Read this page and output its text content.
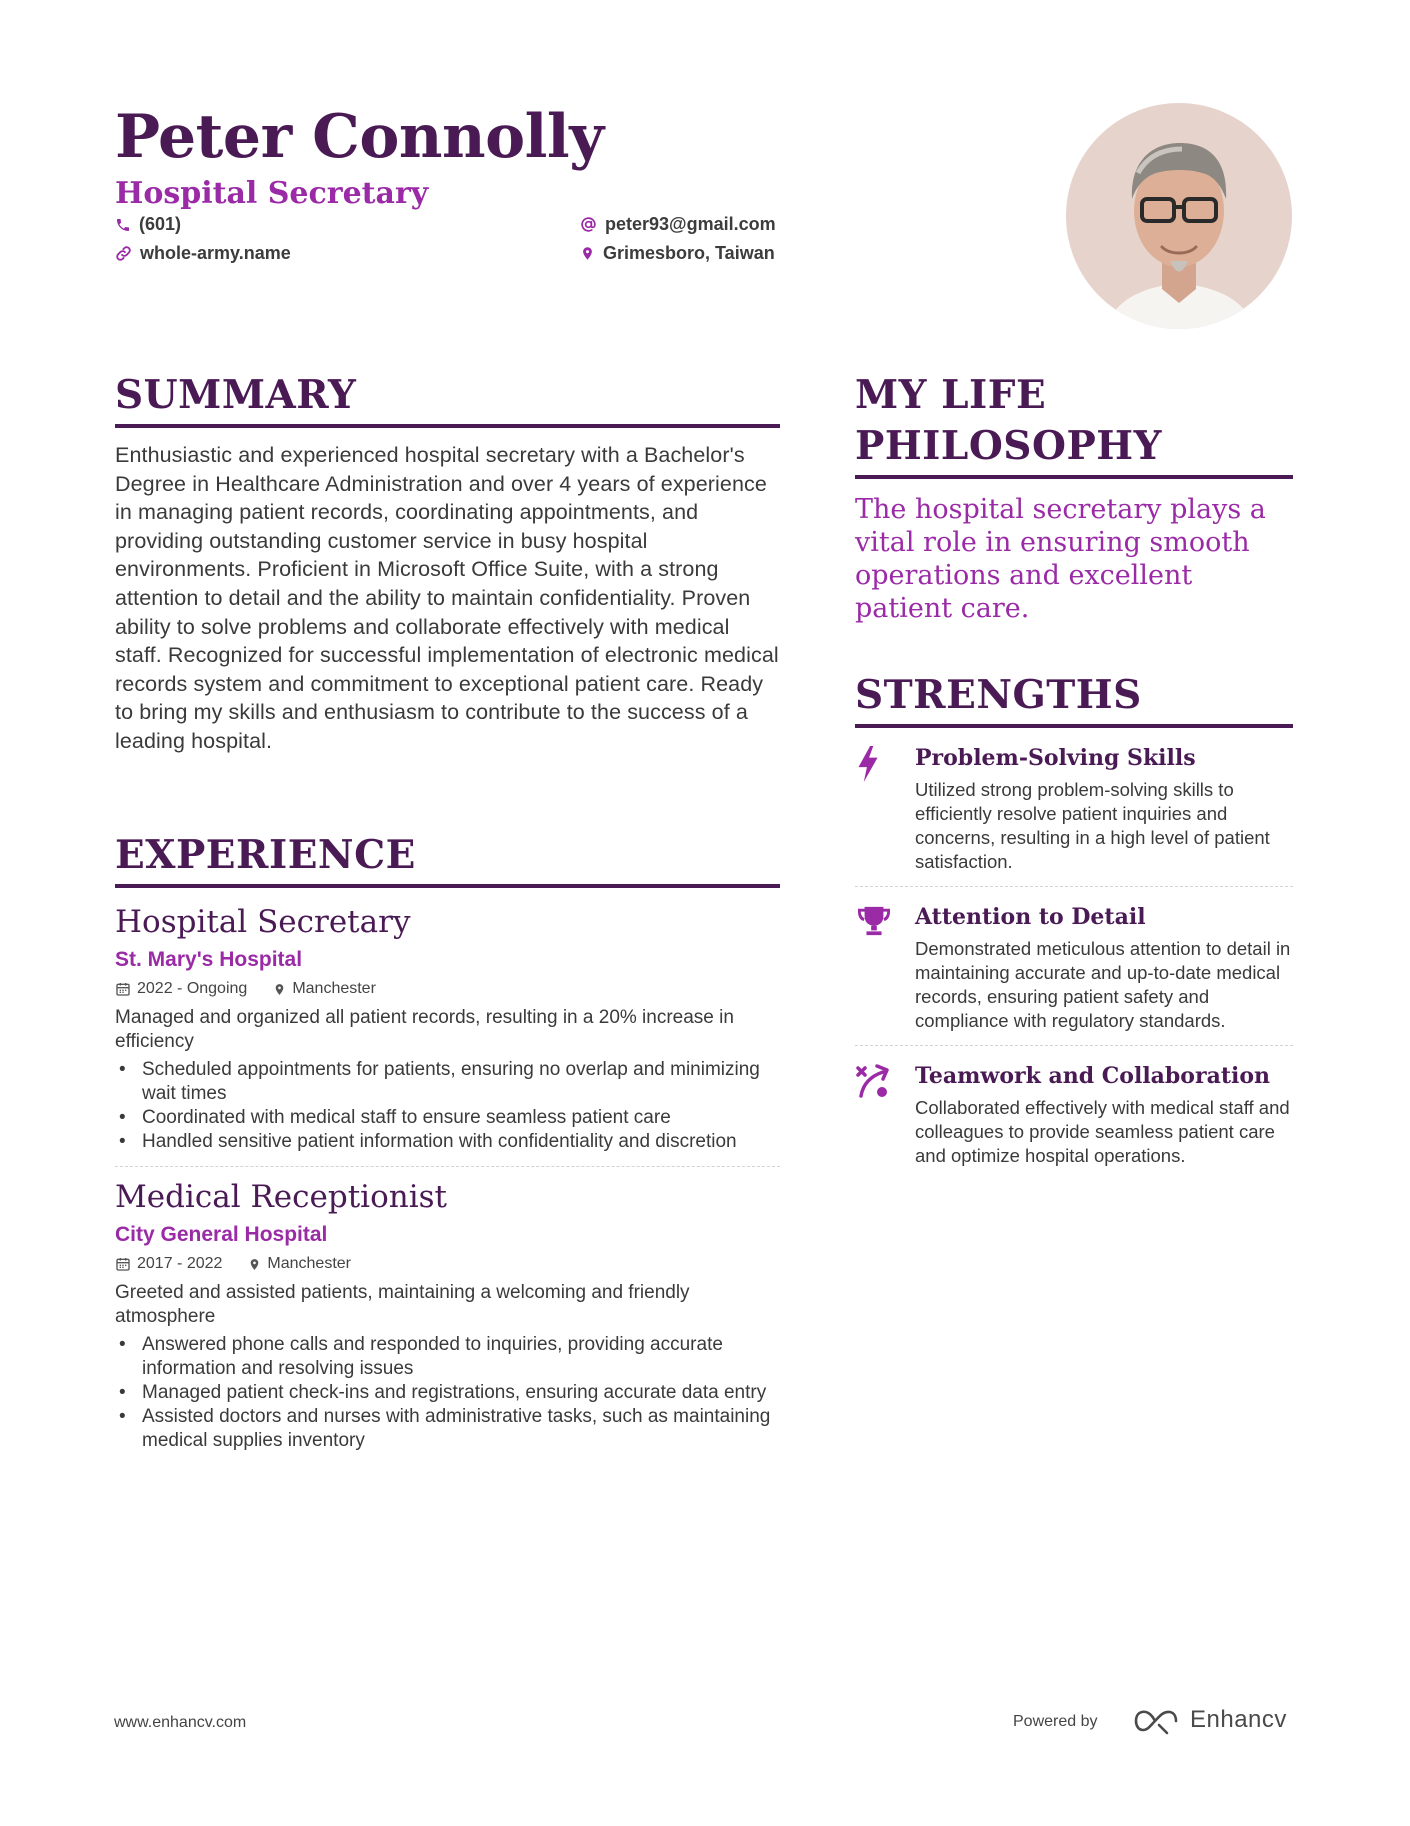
Peter Connolly
Hospital Secretary
(601)
whole-army.name
peter93@gmail.com
Grimesboro, Taiwan
SUMMARY
Enthusiastic and experienced hospital secretary with a Bachelor's Degree in Healthcare Administration and over 4 years of experience in managing patient records, coordinating appointments, and providing outstanding customer service in busy hospital environments. Proficient in Microsoft Office Suite, with a strong attention to detail and the ability to maintain confidentiality. Proven ability to solve problems and collaborate effectively with medical staff. Recognized for successful implementation of electronic medical records system and commitment to exceptional patient care. Ready to bring my skills and enthusiasm to contribute to the success of a leading hospital.
EXPERIENCE
Hospital Secretary
St. Mary's Hospital
2022 - Ongoing	Manchester
Managed and organized all patient records, resulting in a 20% increase in efficiency
• Scheduled appointments for patients, ensuring no overlap and minimizing wait times
• Coordinated with medical staff to ensure seamless patient care
• Handled sensitive patient information with confidentiality and discretion
Medical Receptionist
City General Hospital
2017 - 2022	Manchester
Greeted and assisted patients, maintaining a welcoming and friendly atmosphere
• Answered phone calls and responded to inquiries, providing accurate information and resolving issues
• Managed patient check-ins and registrations, ensuring accurate data entry
• Assisted doctors and nurses with administrative tasks, such as maintaining medical supplies inventory
MY LIFE
PHILOSOPHY
The hospital secretary plays a vital role in ensuring smooth operations and excellent patient care.
STRENGTHS
Problem-Solving Skills
Utilized strong problem-solving skills to efficiently resolve patient inquiries and concerns, resulting in a high level of patient satisfaction.
Attention to Detail
Demonstrated meticulous attention to detail in maintaining accurate and up-to-date medical records, ensuring patient safety and compliance with regulatory standards.
Teamwork and Collaboration
Collaborated effectively with medical staff and colleagues to provide seamless patient care and optimize hospital operations.
www.enhancv.com	Powered by	Enhancv
